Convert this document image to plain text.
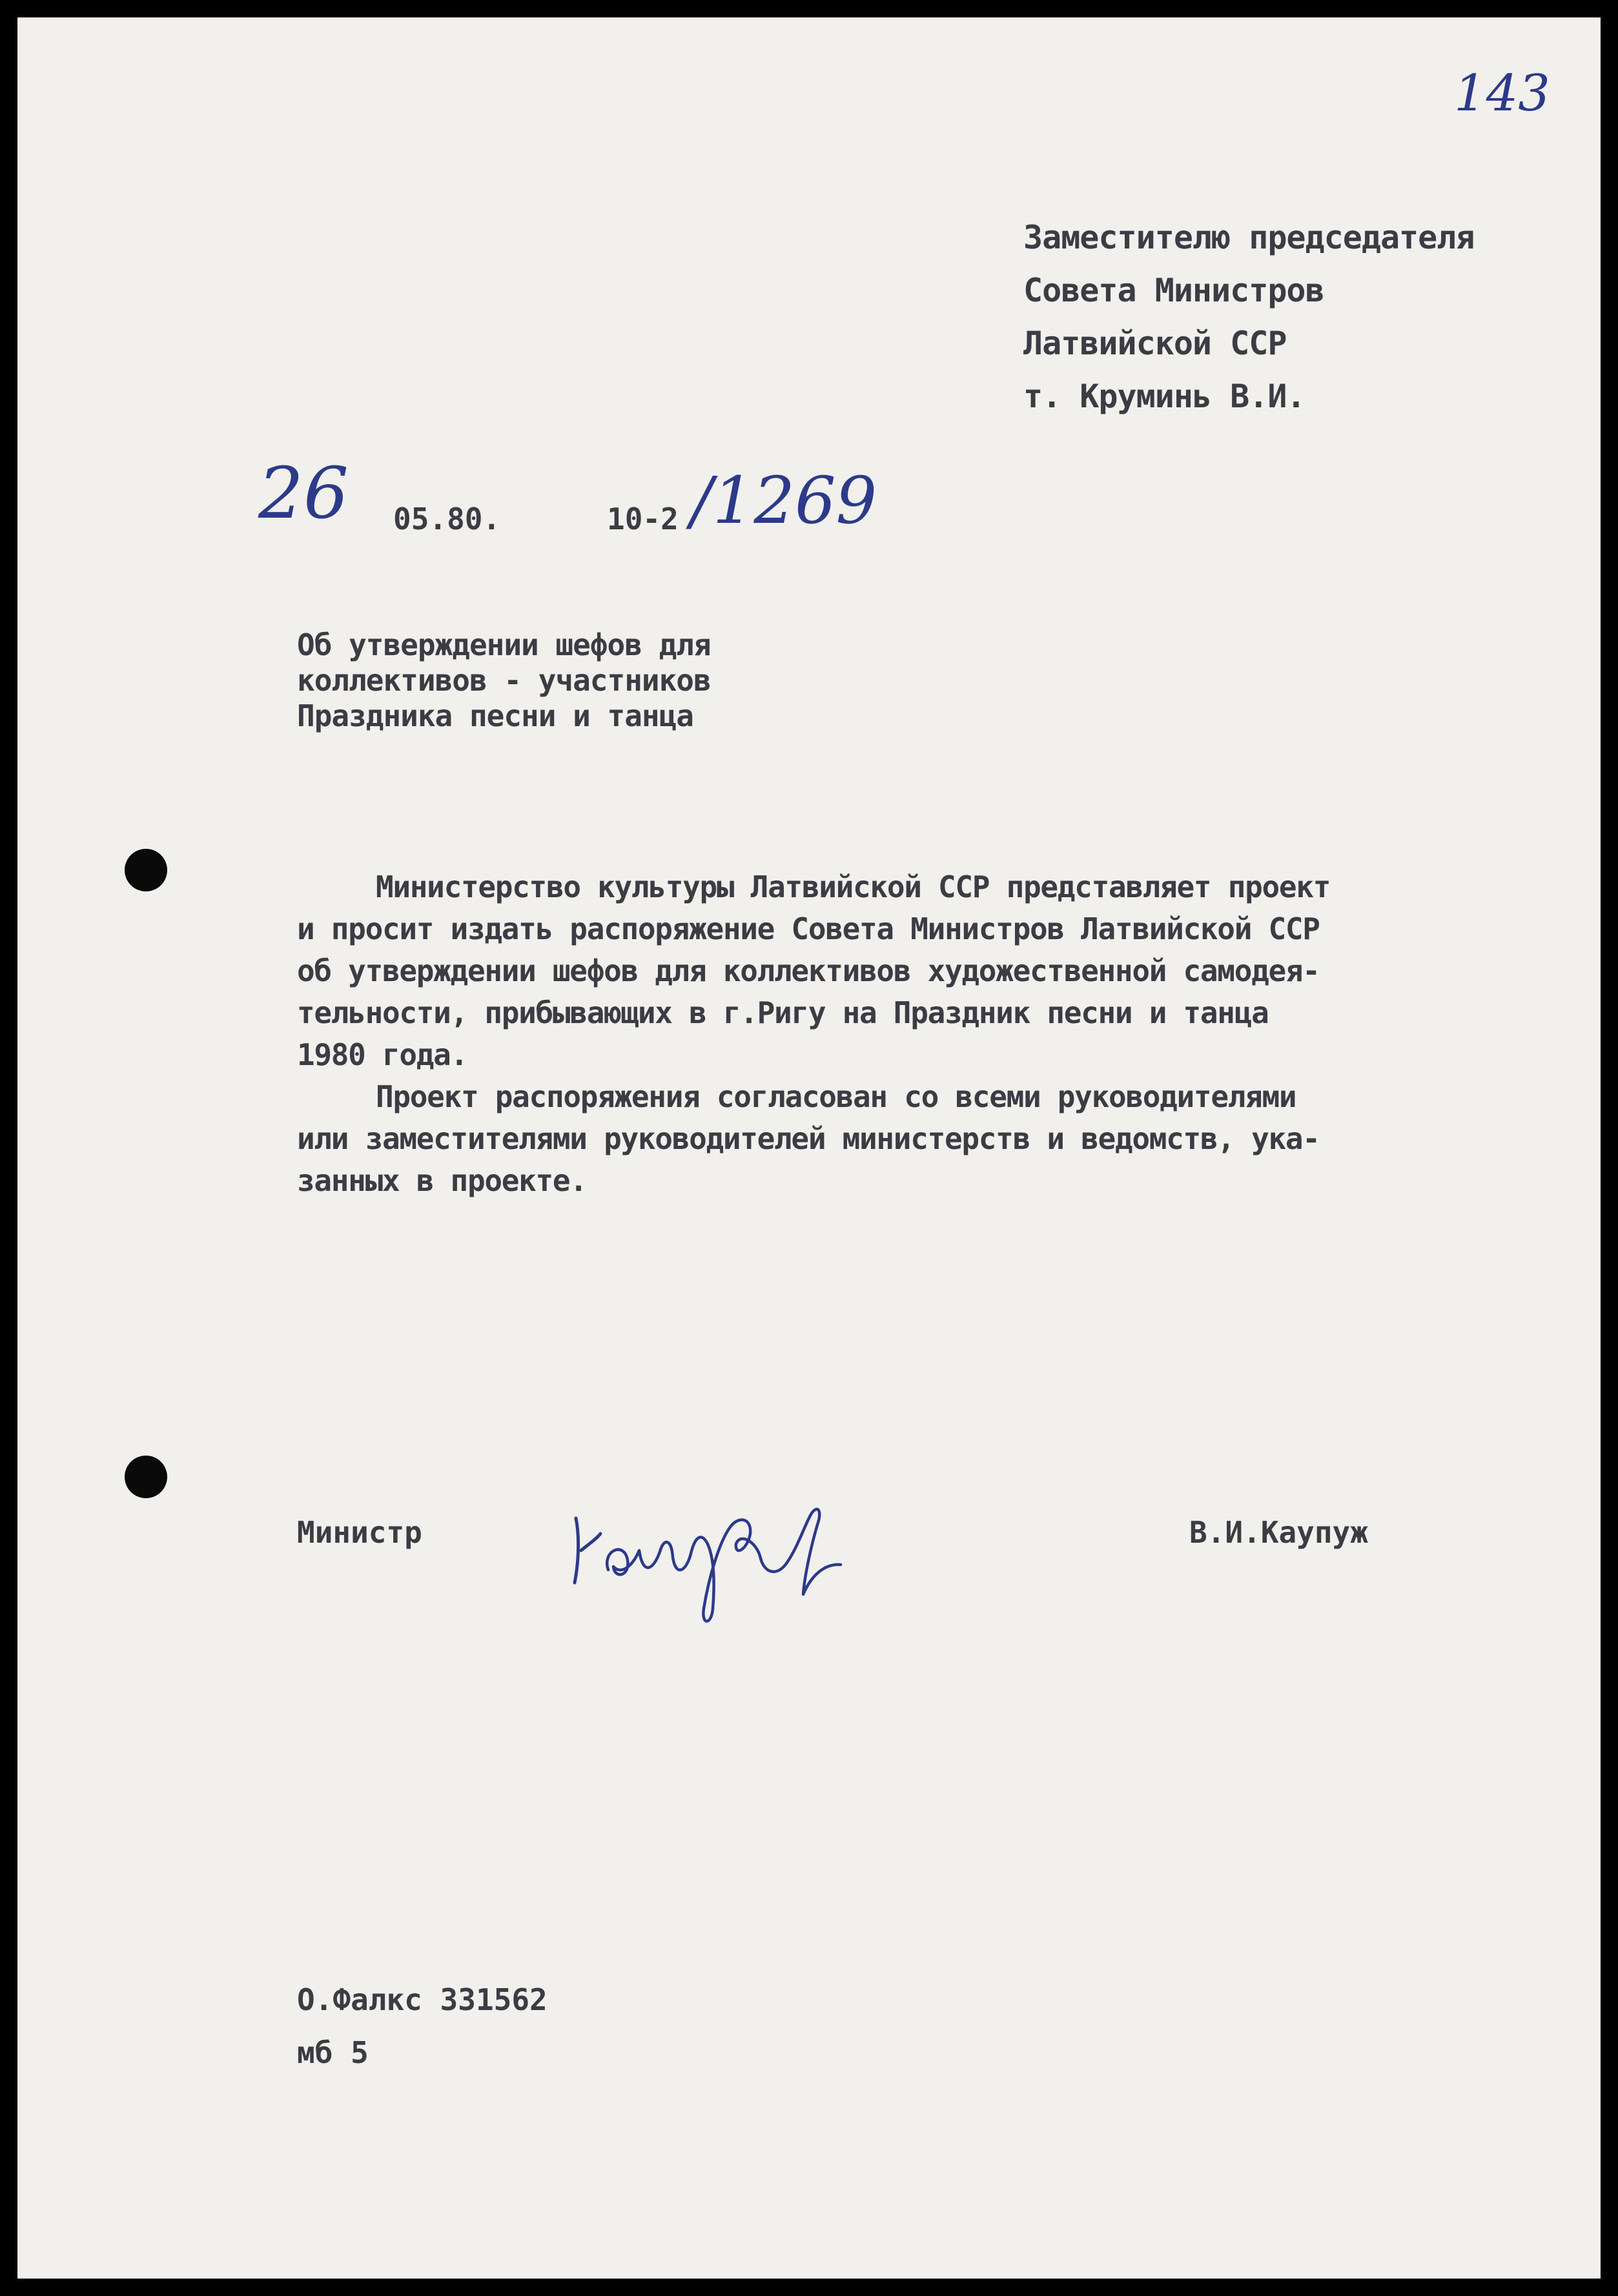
143
Заместителю председателя
Совета Министров
Латвийской ССР
т. Круминь В.И.
26 05.80.	10-2 /1269
Об утверждении шефов для
коллективов - участников
Праздника песни и танца
Министерство культуры Латвийской ССР представляет проект
и просит издать распоряжение Совета Министров Латвийской ССР
об утверждении шефов для коллективов художественной самодея-
тельности, прибывающих в г.Ригу на Праздник песни и танца
1980 года.
Проект распоряжения согласован со всеми руководителями
или заместителями руководителей министерств и ведомств, ука-
занных в проекте.
Министр	В.И.Каупуж
О.Фалкс 331562
мб 5
